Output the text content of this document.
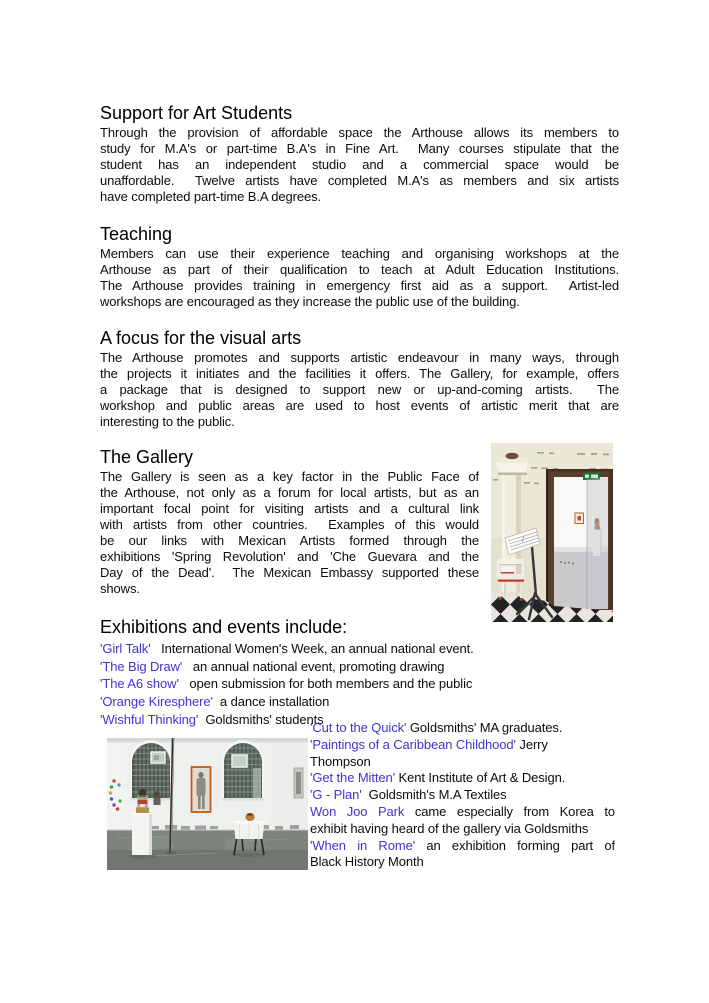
Support for Art Students
Through the provision of affordable space the Arthouse allows its members to
study for M.A's or part-time B.A's in Fine Art.  Many courses stipulate that the
student has an independent studio and a commercial space would be
unaffordable.  Twelve artists have completed M.A's as members and six artists
have completed part-time B.A degrees.
Teaching
Members can use their experience teaching and organising workshops at the
Arthouse as part of their qualification to teach at Adult Education Institutions.
The Arthouse provides training in emergency first aid as a support.  Artist-led
workshops are encouraged as they increase the public use of the building.
A focus for the visual arts
The Arthouse promotes and supports artistic endeavour in many ways, through
the projects it initiates and the facilities it offers. The Gallery, for example, offers
a package that is designed to support new or up-and-coming artists.  The
workshop and public areas are used to host events of artistic merit that are
interesting to the public.
The Gallery
The Gallery is seen as a key factor in the Public Face of
the Arthouse, not only as a forum for local artists, but as an
important focal point for visiting artists and a cultural link
with artists from other countries.  Examples of this would
be our links with Mexican Artists formed through the
exhibitions 'Spring Revolution' and 'Che Guevara and the
Day of the Dead'.  The Mexican Embassy supported these
shows.
Exhibitions and events include:
'Girl Talk'   International Women's Week, an annual national event.
'The Big Draw'   an annual national event, promoting drawing
'The A6 show'   open submission for both members and the public
'Orange Kiresphere'  a dance installation
'Wishful Thinking'  Goldsmiths' students
'Cut to the Quick' Goldsmiths' MA graduates.
'Paintings of a Caribbean Childhood' Jerry
Thompson
'Get the Mitten' Kent Institute of Art & Design.
'G - Plan'  Goldsmith's M.A Textiles
Won Joo Park came especially from Korea to
exhibit having heard of the gallery via Goldsmiths
'When in Rome' an exhibition forming part of
Black History Month
